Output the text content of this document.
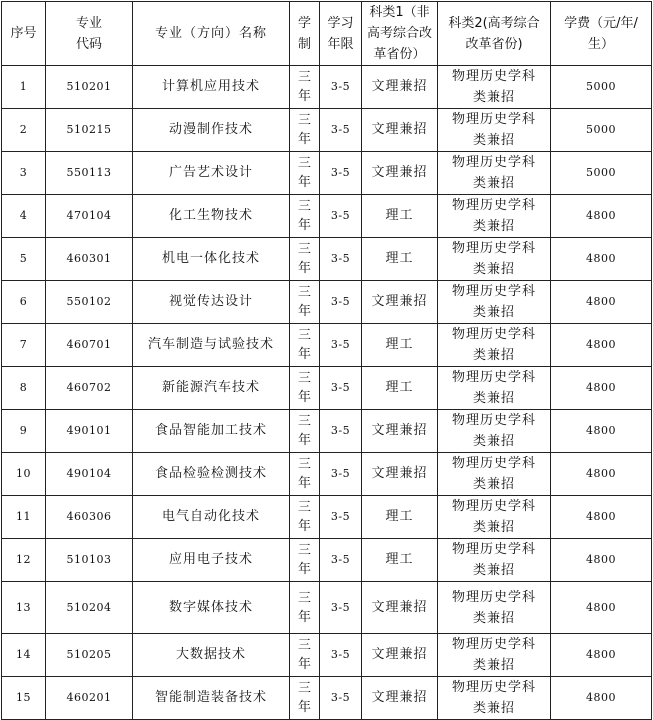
序号	专业代码	专业（方向）名称	学制	学习年限	科类1（非高考综合改革省份）	科类2(高考综合改革省份)	学费（元/年/生）
1	510201	计算机应用技术	三年	3-5	文理兼招	物理历史学科类兼招	5000
2	510215	动漫制作技术	三年	3-5	文理兼招	物理历史学科类兼招	5000
3	550113	广告艺术设计	三年	3-5	文理兼招	物理历史学科类兼招	5000
4	470104	化工生物技术	三年	3-5	理工	物理历史学科类兼招	4800
5	460301	机电一体化技术	三年	3-5	理工	物理历史学科类兼招	4800
6	550102	视觉传达设计	三年	3-5	文理兼招	物理历史学科类兼招	4800
7	460701	汽车制造与试验技术	三年	3-5	理工	物理历史学科类兼招	4800
8	460702	新能源汽车技术	三年	3-5	理工	物理历史学科类兼招	4800
9	490101	食品智能加工技术	三年	3-5	文理兼招	物理历史学科类兼招	4800
10	490104	食品检验检测技术	三年	3-5	文理兼招	物理历史学科类兼招	4800
11	460306	电气自动化技术	三年	3-5	理工	物理历史学科类兼招	4800
12	510103	应用电子技术	三年	3-5	理工	物理历史学科类兼招	4800
13	510204	数字媒体技术	三年	3-5	文理兼招	物理历史学科类兼招	4800
14	510205	大数据技术	三年	3-5	文理兼招	物理历史学科类兼招	4800
15	460201	智能制造装备技术	三年	3-5	文理兼招	物理历史学科类兼招	4800
